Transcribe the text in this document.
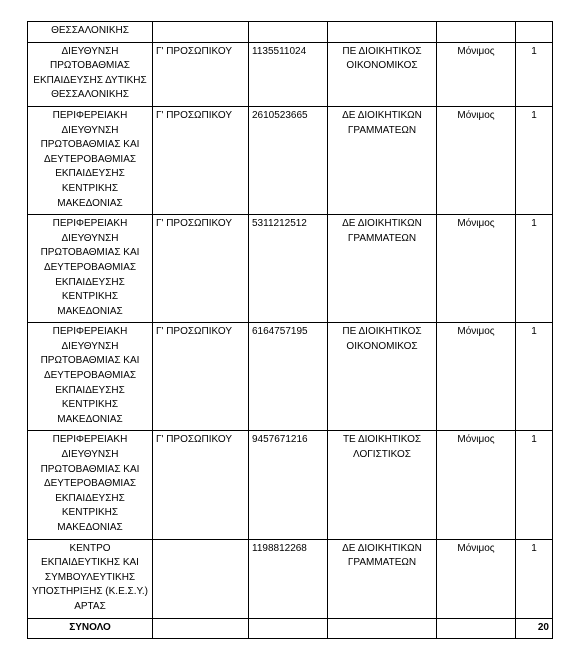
ΘΕΣΣΑΛΟΝΙΚΗΣ					
ΔΙΕΥΘΥΝΣΗ ΠΡΩΤΟΒΑΘΜΙΑΣ ΕΚΠΑΙΔΕΥΣΗΣ ΔΥΤΙΚΗΣ ΘΕΣΣΑΛΟΝΙΚΗΣ	Γ' ΠΡΟΣΩΠΙΚΟΥ	1135511024	ΠΕ ΔΙΟΙΚΗΤΙΚΟΣ ΟΙΚΟΝΟΜΙΚΟΣ	Μόνιμος	1
ΠΕΡΙΦΕΡΕΙΑΚΗ ΔΙΕΥΘΥΝΣΗ ΠΡΩΤΟΒΑΘΜΙΑΣ ΚΑΙ ΔΕΥΤΕΡΟΒΑΘΜΙΑΣ ΕΚΠΑΙΔΕΥΣΗΣ ΚΕΝΤΡΙΚΗΣ ΜΑΚΕΔΟΝΙΑΣ	Γ' ΠΡΟΣΩΠΙΚΟΥ	2610523665	ΔΕ ΔΙΟΙΚΗΤΙΚΩΝ ΓΡΑΜΜΑΤΕΩΝ	Μόνιμος	1
ΠΕΡΙΦΕΡΕΙΑΚΗ ΔΙΕΥΘΥΝΣΗ ΠΡΩΤΟΒΑΘΜΙΑΣ ΚΑΙ ΔΕΥΤΕΡΟΒΑΘΜΙΑΣ ΕΚΠΑΙΔΕΥΣΗΣ ΚΕΝΤΡΙΚΗΣ ΜΑΚΕΔΟΝΙΑΣ	Γ' ΠΡΟΣΩΠΙΚΟΥ	5311212512	ΔΕ ΔΙΟΙΚΗΤΙΚΩΝ ΓΡΑΜΜΑΤΕΩΝ	Μόνιμος	1
ΠΕΡΙΦΕΡΕΙΑΚΗ ΔΙΕΥΘΥΝΣΗ ΠΡΩΤΟΒΑΘΜΙΑΣ ΚΑΙ ΔΕΥΤΕΡΟΒΑΘΜΙΑΣ ΕΚΠΑΙΔΕΥΣΗΣ ΚΕΝΤΡΙΚΗΣ ΜΑΚΕΔΟΝΙΑΣ	Γ' ΠΡΟΣΩΠΙΚΟΥ	6164757195	ΠΕ ΔΙΟΙΚΗΤΙΚΟΣ ΟΙΚΟΝΟΜΙΚΟΣ	Μόνιμος	1
ΠΕΡΙΦΕΡΕΙΑΚΗ ΔΙΕΥΘΥΝΣΗ ΠΡΩΤΟΒΑΘΜΙΑΣ ΚΑΙ ΔΕΥΤΕΡΟΒΑΘΜΙΑΣ ΕΚΠΑΙΔΕΥΣΗΣ ΚΕΝΤΡΙΚΗΣ ΜΑΚΕΔΟΝΙΑΣ	Γ' ΠΡΟΣΩΠΙΚΟΥ	9457671216	ΤΕ ΔΙΟΙΚΗΤΙΚΟΣ ΛΟΓΙΣΤΙΚΟΣ	Μόνιμος	1
ΚΕΝΤΡΟ ΕΚΠΑΙΔΕΥΤΙΚΗΣ ΚΑΙ ΣΥΜΒΟΥΛΕΥΤΙΚΗΣ ΥΠΟΣΤΗΡΙΞΗΣ (Κ.Ε.Σ.Υ.) ΑΡΤΑΣ		1198812268	ΔΕ ΔΙΟΙΚΗΤΙΚΩΝ ΓΡΑΜΜΑΤΕΩΝ	Μόνιμος	1
ΣΥΝΟΛΟ					20
